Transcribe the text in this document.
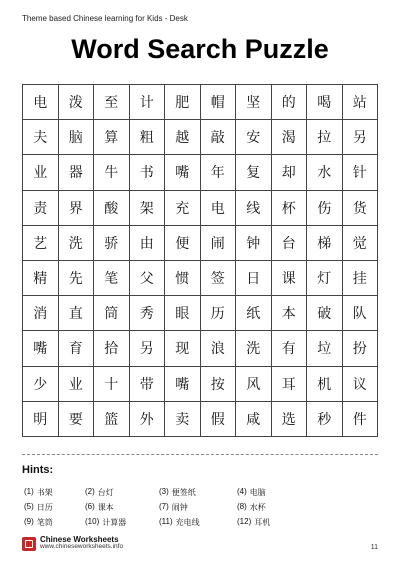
Theme based Chinese learning for Kids - Desk
Word Search Puzzle
电	泼	至	计	肥	帽	坚	的	喝	站
夫	脑	算	粗	越	敲	安	渴	拉	另
业	器	牛	书	嘴	年	复	却	水	针
责	界	酸	架	充	电	线	杯	伤	货
艺	洗	骄	由	便	闹	钟	台	梯	觉
精	先	笔	父	惯	签	日	课	灯	挂
消	直	筒	秀	眼	历	纸	本	破	队
嘴	育	拾	另	现	浪	洗	有	垃	扮
少	业	十	带	嘴	按	风	耳	机	议
明	要	篮	外	卖	假	咸	选	秒	件
Hints:
(1) 书架	(2) 台灯	(3) 便签纸	(4) 电脑
(5) 日历	(6) 课本	(7) 闹钟	(8) 水杯
(9) 笔筒	(10) 计算器	(11) 充电线	(12) 耳机
Chinese Worksheets
www.chineseworksheets.info	11
